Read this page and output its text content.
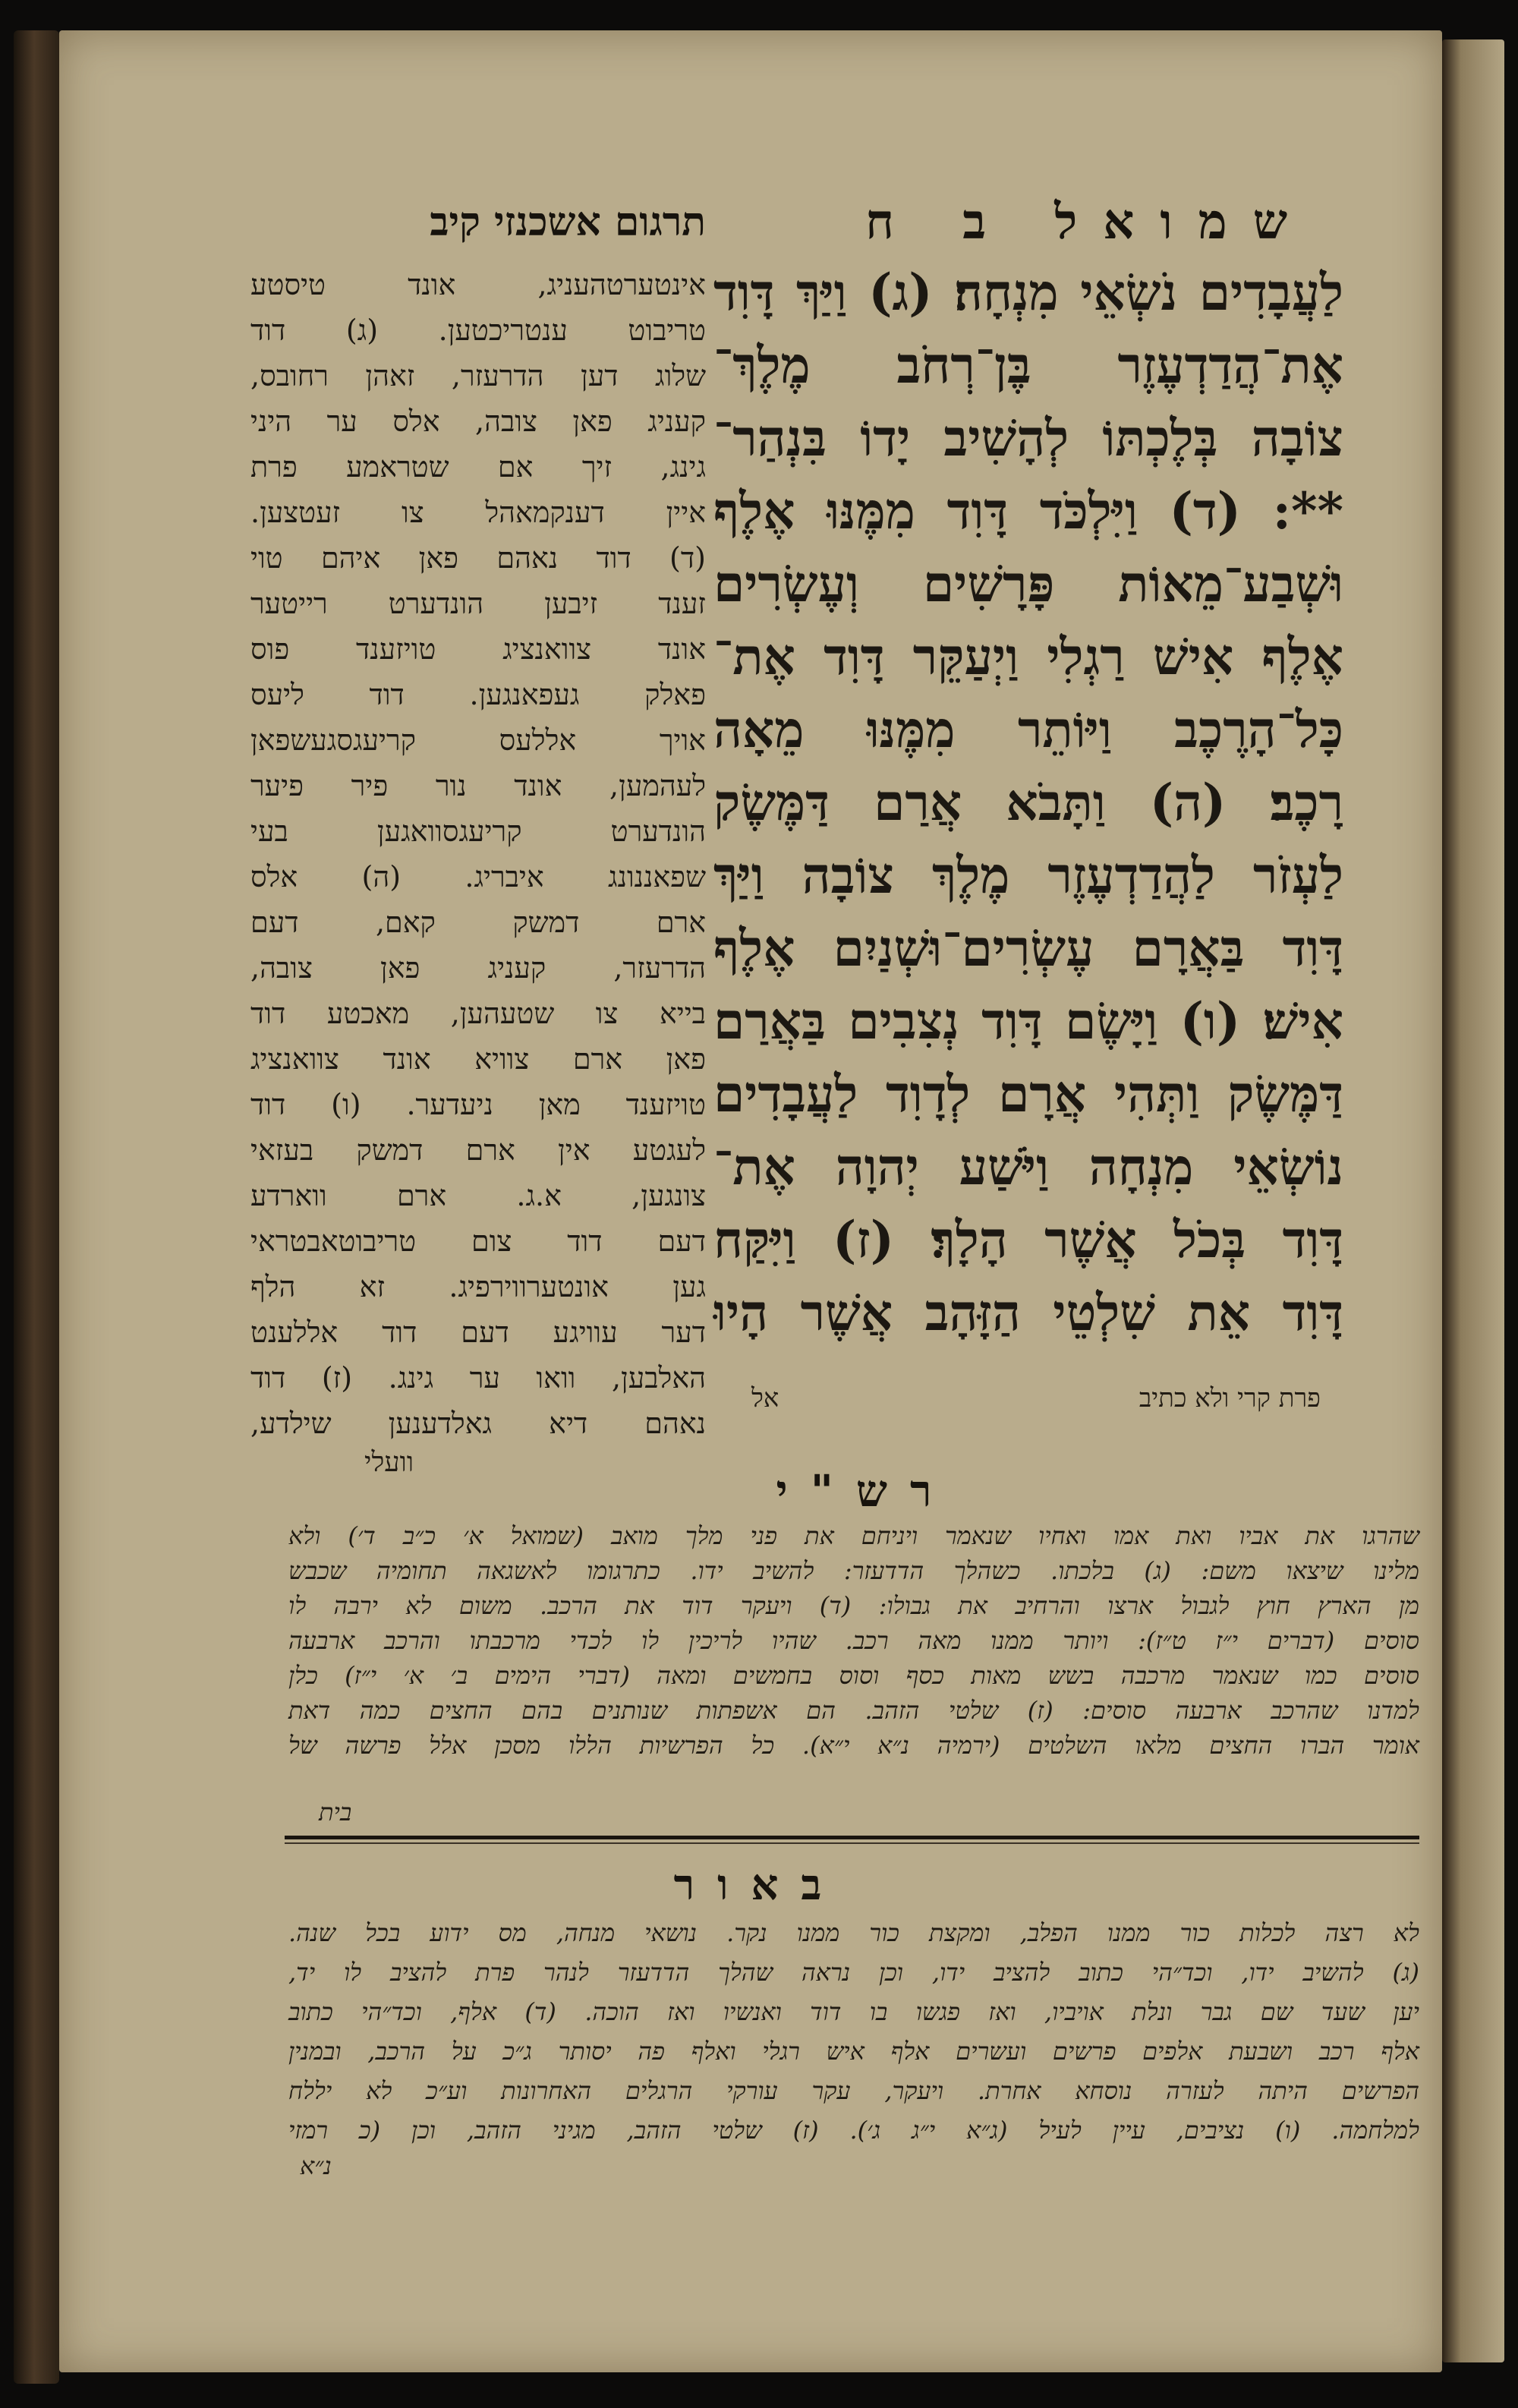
שמואל ב ח
תרגום אשכנזי קיב
לַעֲבָדִים נֹשְׂאֵי מִנְחָה׃ (ג) וַיַּךְ דָּוִד
אֶת־הֲדַדְעֶזֶר בֶּן־רְחֹב מֶלֶךְ־
צוֹבָה בְּלֶכְתּוֹ לְהָשִׁיב יָדוֹ בִּנְהַר־
**: (ד) וַיִּלְכֹּד דָּוִד מִמֶּנּוּ אֶלֶף
וּשְׁבַע־מֵאוֹת פָּרָשִׁים וְעֶשְׂרִים
אֶלֶף אִישׁ רַגְלִי וַיְעַקֵּר דָּוִד אֶת־
כָּל־הָרֶכֶב וַיּוֹתֵר מִמֶּנּוּ מֵאָה
רָכֶב׃ (ה) וַתָּבֹא אֲרַם דַּמֶּשֶׂק
לַעְזֹר לַהֲדַדְעֶזֶר מֶלֶךְ צוֹבָה וַיַּךְ
דָּוִד בַּאֲרָם עֶשְׂרִים־וּשְׁנַיִם אֶלֶף
אִישׁ׃ (ו) וַיָּשֶׂם דָּוִד נְצִבִים בַּאֲרַם
דַּמֶּשֶׂק וַתְּהִי אֲרָם לְדָוִד לַעֲבָדִים
נוֹשְׂאֵי מִנְחָה וַיֹּשַׁע יְהוָה אֶת־
דָּוִד בְּכֹל אֲשֶׁר הָלָךְ׃ (ז) וַיִּקַּח
דָּוִד אֵת שִׁלְטֵי הַזָּהָב אֲשֶׁר הָיוּ
אינטערטהעניג, אונד טיסטע
טריבוט ענטריכטען. (ג) דוד
שלוג דען הדרעזר, זאהן רחובס,
קעניג פאן צובה, אלס ער היני
גינג, זיך אם שטראמע פרת
איין דענקמאהל צו זעטצען.
(ד) דוד נאהם פאן איהם טוי
זענד זיבען הונדערט רייטער
אונד צוואנציג טויזענד פוס
פאלק געפאנגען. דוד ליעס
אויך אללעס קריעגסגעשפאן
לעהמען, אונד נור פיר פיער
הונדערט קריעגסוואגען בעי
שפאננונג איבריג. (ה) אלס
ארם דמשק קאם, דעם
הדרעזר, קעניג פאן צובה,
בייא צו שטעהען, מאכטע דוד
פאן ארם צוויא אונד צוואנציג
טויזענד מאן ניעדער. (ו) דוד
לעגטע אין ארם דמשק בעזאי
צונגען, א.ג. ארם ווארדע
דעם דוד צום טריבוטאבטראי
גען אונטערווירפיג. זא הלף
דער עוויגע דעם דוד אללענט
האלבען, וואו ער גינג. (ז) דוד
נאהם דיא גאלדענען שילדע,
וועלי
פרת קרי ולא כתיב
אל
רש"י
שהרגו את אביו ואת אמו ואחיו שנאמר ויניחם את פני מלך מואב (שמואל א׳ כ״ב ד׳) ולא
מלינו שיצאו משם: (ג) בלכתו. כשהלך הדדעזר: להשיב ידו. כתרגומו לאשגאה תחומיה שכבש
מן הארץ חוץ לגבול ארצו והרחיב את גבולו: (ד) ויעקר דוד את הרכב. משום לא ירבה לו
סוסים (דברים י״ז ט״ז): ויותר ממנו מאה רכב. שהיו לריכין לו לכדי מרכבתו והרכב ארבעה
סוסים כמו שנאמר מרכבה בשש מאות כסף וסוס בחמשים ומאה (דברי הימים ב׳ א׳ י״ז) כלן
למדנו שהרכב ארבעה סוסים: (ז) שלטי הזהב. הם אשפתות שנותנים בהם החצים כמה דאת
אומר הברו החצים מלאו השלטים (ירמיה נ״א י״א). כל הפרשיות הללו מסכן אלל פרשה של
בית
באור
לא רצה לכלות כור ממנו הפלב, ומקצת כור ממנו נקר. נושאי מנחה, מס ידוע בכל שנה.
(ג) להשיב ידו, וכד״הי כתוב להציב ידו, וכן נראה שהלך הדדעזר לנהר פרת להציב לו יד,
יען שעד שם גבר ונלת אויביו, ואז פגשו בו דוד ואנשיו ואז הוכה. (ד) אלף, וכד״הי כתוב
אלף רכב ושבעת אלפים פרשים ועשרים אלף איש רגלי ואלף פה יסותר ג״כ על הרכב, ובמנין
הפרשים היתה לעזרה נוסחא אחרת. ויעקר, עקר עורקי הרגלים האחרונות וע״כ לא יללח
למלחמה. (ו) נציבים, עיין לעיל (ג״א י״ג ג׳). (ז) שלטי הזהב, מגיני הזהב, וכן (כ רמזי
נ״א
